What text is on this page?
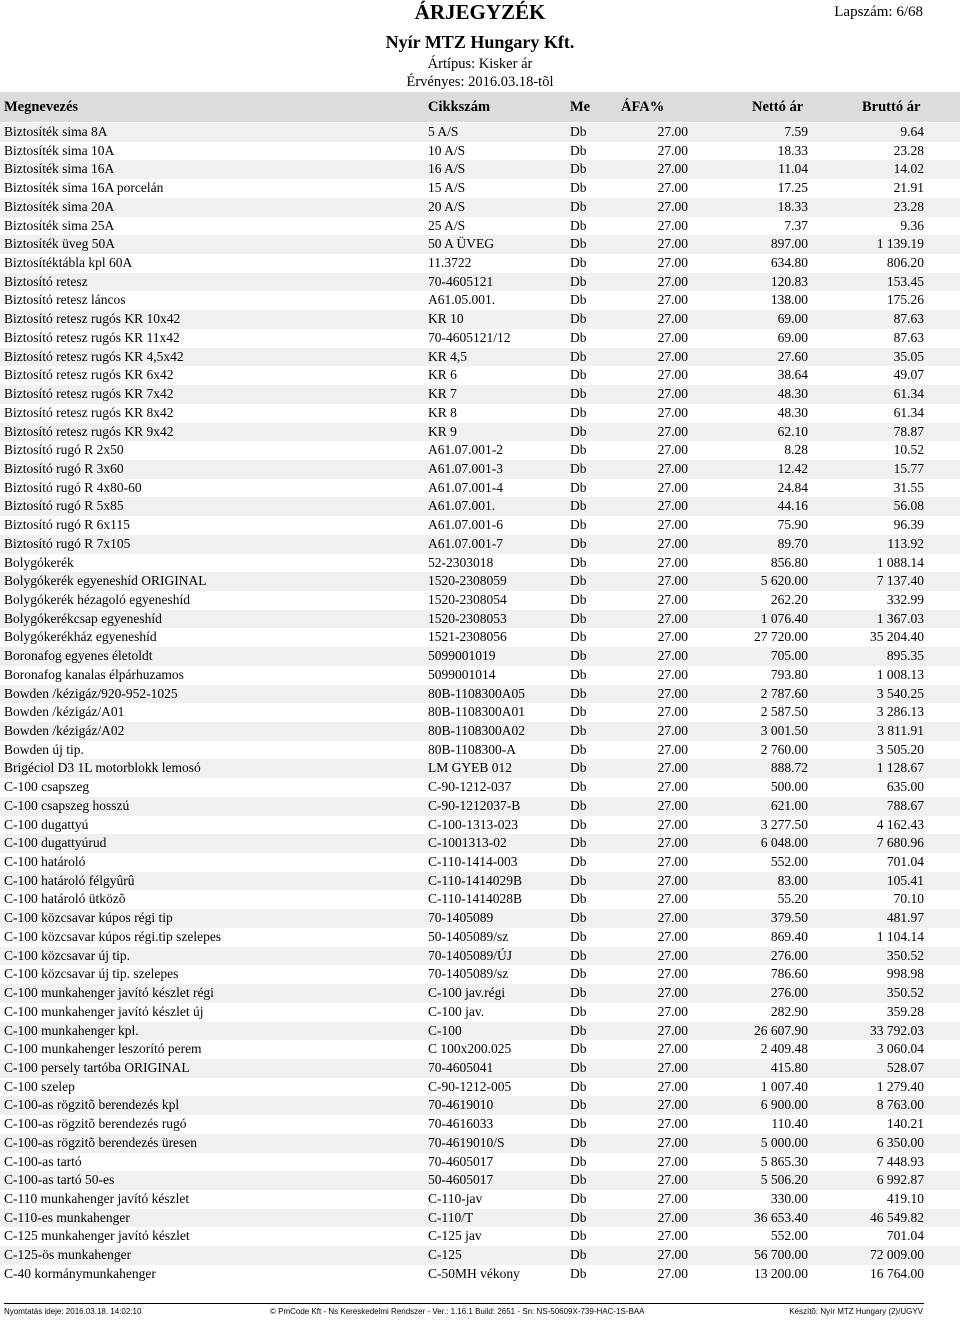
ÁRJEGYZÉK	Lapszám: 6/68
Nyír MTZ Hungary Kft.
Ártípus: Kisker ár
Érvényes: 2016.03.18-tõl
Megnevezés	Cikkszám	Me ÁFA%	Nettó ár	Bruttó ár
Biztosíték sima 8A	5 A/S	Db	27.00	7.59	9.64
Biztosíték sima 10A	10 A/S	Db	27.00	18.33	23.28
Biztosíték sima 16A	16 A/S	Db	27.00	11.04	14.02
Biztosíték sima 16A porcelán	15 A/S	Db	27.00	17.25	21.91
Biztosíték sima 20A	20 A/S	Db	27.00	18.33	23.28
Biztosíték sima 25A	25 A/S	Db	27.00	7.37	9.36
Biztosíték üveg 50A	50 A ÜVEG	Db	27.00	897.00	1 139.19
Biztosítéktábla kpl 60A	11.3722	Db	27.00	634.80	806.20
Biztosító retesz	70-4605121	Db	27.00	120.83	153.45
Biztosító retesz láncos	A61.05.001.	Db	27.00	138.00	175.26
Biztosító retesz rugós KR 10x42	KR 10	Db	27.00	69.00	87.63
Biztosító retesz rugós KR 11x42	70-4605121/12	Db	27.00	69.00	87.63
Biztosító retesz rugós KR 4,5x42	KR 4,5	Db	27.00	27.60	35.05
Biztosító retesz rugós KR 6x42	KR 6	Db	27.00	38.64	49.07
Biztosító retesz rugós KR 7x42	KR 7	Db	27.00	48.30	61.34
Biztosító retesz rugós KR 8x42	KR 8	Db	27.00	48.30	61.34
Biztosító retesz rugós KR 9x42	KR 9	Db	27.00	62.10	78.87
Biztosító rugó R 2x50	A61.07.001-2	Db	27.00	8.28	10.52
Biztosító rugó R 3x60	A61.07.001-3	Db	27.00	12.42	15.77
Biztosító rugó R 4x80-60	A61.07.001-4	Db	27.00	24.84	31.55
Biztosító rugó R 5x85	A61.07.001.	Db	27.00	44.16	56.08
Biztosító rugó R 6x115	A61.07.001-6	Db	27.00	75.90	96.39
Biztosító rugó R 7x105	A61.07.001-7	Db	27.00	89.70	113.92
Bolygókerék	52-2303018	Db	27.00	856.80	1 088.14
Bolygókerék egyeneshíd ORIGINAL	1520-2308059	Db	27.00	5 620.00	7 137.40
Bolygókerék hézagoló egyeneshíd	1520-2308054	Db	27.00	262.20	332.99
Bolygókerékcsap egyeneshíd	1520-2308053	Db	27.00	1 076.40	1 367.03
Bolygókerékház egyeneshíd	1521-2308056	Db	27.00	27 720.00	35 204.40
Boronafog egyenes életoldt	5099001019	Db	27.00	705.00	895.35
Boronafog kanalas élpárhuzamos	5099001014	Db	27.00	793.80	1 008.13
Bowden /kézigáz/920-952-1025	80B-1108300A05	Db	27.00	2 787.60	3 540.25
Bowden /kézigáz/A01	80B-1108300A01	Db	27.00	2 587.50	3 286.13
Bowden /kézigáz/A02	80B-1108300A02	Db	27.00	3 001.50	3 811.91
Bowden új tip.	80B-1108300-A	Db	27.00	2 760.00	3 505.20
Brigéciol D3 1L motorblokk lemosó	LM GYEB 012	Db	27.00	888.72	1 128.67
C-100 csapszeg	C-90-1212-037	Db	27.00	500.00	635.00
C-100 csapszeg hosszú	C-90-1212037-B	Db	27.00	621.00	788.67
C-100 dugattyú	C-100-1313-023	Db	27.00	3 277.50	4 162.43
C-100 dugattyúrud	C-1001313-02	Db	27.00	6 048.00	7 680.96
C-100 határoló	C-110-1414-003	Db	27.00	552.00	701.04
C-100 határoló félgyûrû	C-110-1414029B	Db	27.00	83.00	105.41
C-100 határoló ütközõ	C-110-1414028B	Db	27.00	55.20	70.10
C-100 közcsavar kúpos régi tip	70-1405089	Db	27.00	379.50	481.97
C-100 közcsavar kúpos régi.tip szelepes	50-1405089/sz	Db	27.00	869.40	1 104.14
C-100 közcsavar új tip.	70-1405089/ÚJ	Db	27.00	276.00	350.52
C-100 közcsavar új tip. szelepes	70-1405089/sz	Db	27.00	786.60	998.98
C-100 munkahenger javító készlet régi	C-100 jav.régi	Db	27.00	276.00	350.52
C-100 munkahenger javító készlet új	C-100 jav.	Db	27.00	282.90	359.28
C-100 munkahenger kpl.	C-100	Db	27.00	26 607.90	33 792.03
C-100 munkahenger leszorító perem	C 100x200.025	Db	27.00	2 409.48	3 060.04
C-100 persely tartóba ORIGINAL	70-4605041	Db	27.00	415.80	528.07
C-100 szelep	C-90-1212-005	Db	27.00	1 007.40	1 279.40
C-100-as rögzitõ berendezés kpl	70-4619010	Db	27.00	6 900.00	8 763.00
C-100-as rögzitõ berendezés rugó	70-4616033	Db	27.00	110.40	140.21
C-100-as rögzitõ berendezés üresen	70-4619010/S	Db	27.00	5 000.00	6 350.00
C-100-as tartó	70-4605017	Db	27.00	5 865.30	7 448.93
C-100-as tartó 50-es	50-4605017	Db	27.00	5 506.20	6 992.87
C-110 munkahenger javító készlet	C-110-jav	Db	27.00	330.00	419.10
C-110-es munkahenger	C-110/T	Db	27.00	36 653.40	46 549.82
C-125 munkahenger javító készlet	C-125 jav	Db	27.00	552.00	701.04
C-125-ös munkahenger	C-125	Db	27.00	56 700.00	72 009.00
C-40 kormánymunkahenger	C-50MH vékony	Db	27.00	13 200.00	16 764.00
Nyomtatás ideje: 2016.03.18. 14:02:10	© PmCode Kft - Ns Kereskedelmi Rendszer - Ver.: 1.16.1 Build: 2651 - Sn: NS-50609X-739-HAC-1S-BAA	Készítõ: Nyír MTZ Hungary (2)/UGYV
